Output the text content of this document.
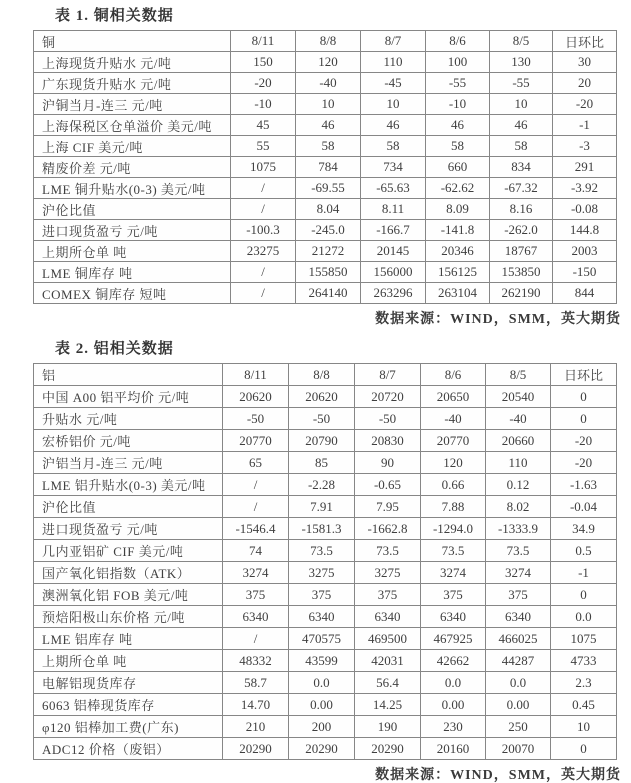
表 1. 铜相关数据
铜	8/11	8/8	8/7	8/6	8/5	日环比
上海现货升贴水 元/吨	150	120	110	100	130	30
广东现货升贴水 元/吨	-20	-40	-45	-55	-55	20
沪铜当月-连三 元/吨	-10	10	10	-10	10	-20
上海保税区仓单溢价 美元/吨	45	46	46	46	46	-1
上海 CIF 美元/吨	55	58	58	58	58	-3
精废价差 元/吨	1075	784	734	660	834	291
LME 铜升贴水(0-3) 美元/吨	/	-69.55	-65.63	-62.62	-67.32	-3.92
沪伦比值	/	8.04	8.11	8.09	8.16	-0.08
进口现货盈亏 元/吨	-100.3	-245.0	-166.7	-141.8	-262.0	144.8
上期所仓单 吨	23275	21272	20145	20346	18767	2003
LME 铜库存 吨	/	155850	156000	156125	153850	-150
COMEX 铜库存 短吨	/	264140	263296	263104	262190	844
数据来源：WIND，SMM，英大期货
表 2. 铝相关数据
铝	8/11	8/8	8/7	8/6	8/5	日环比
中国 A00 铝平均价 元/吨	20620	20620	20720	20650	20540	0
升贴水 元/吨	-50	-50	-50	-40	-40	0
宏桥铝价 元/吨	20770	20790	20830	20770	20660	-20
沪铝当月-连三 元/吨	65	85	90	120	110	-20
LME 铝升贴水(0-3) 美元/吨	/	-2.28	-0.65	0.66	0.12	-1.63
沪伦比值	/	7.91	7.95	7.88	8.02	-0.04
进口现货盈亏 元/吨	-1546.4	-1581.3	-1662.8	-1294.0	-1333.9	34.9
几内亚铝矿 CIF 美元/吨	74	73.5	73.5	73.5	73.5	0.5
国产氧化铝指数（ATK）	3274	3275	3275	3274	3274	-1
澳洲氧化铝 FOB 美元/吨	375	375	375	375	375	0
预焙阳极山东价格 元/吨	6340	6340	6340	6340	6340	0.0
LME 铝库存 吨	/	470575	469500	467925	466025	1075
上期所仓单 吨	48332	43599	42031	42662	44287	4733
电解铝现货库存	58.7	0.0	56.4	0.0	0.0	2.3
6063 铝棒现货库存	14.70	0.00	14.25	0.00	0.00	0.45
φ120 铝棒加工费(广东)	210	200	190	230	250	10
ADC12 价格（废铝）	20290	20290	20290	20160	20070	0
数据来源：WIND，SMM，英大期货
